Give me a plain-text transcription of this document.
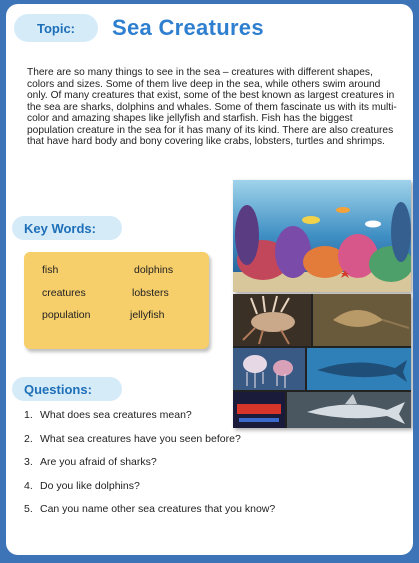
Topic:	Sea Creatures

There are so many things to see in the sea – creatures with different shapes, colors and sizes. Some of them live deep in the sea, while others swim around only. Of many creatures that exist, some of the best known as largest creatures in the sea are sharks, dolphins and whales. Some of them fascinate us with its multi-color and amazing shapes like jellyfish and starfish. Fish has the biggest population creature in the sea for it has many of its kind. There are also creatures that have hard body and bony covering like crabs, lobsters, turtles and shrimps.

Key Words:
fish	dolphins
creatures	lobsters
population	jellyfish
Questions:
1. What does sea creatures mean?
2. What sea creatures have you seen before?
3. Are you afraid of sharks?
4. Do you like dolphins?
5. Can you name other sea creatures that you know?
